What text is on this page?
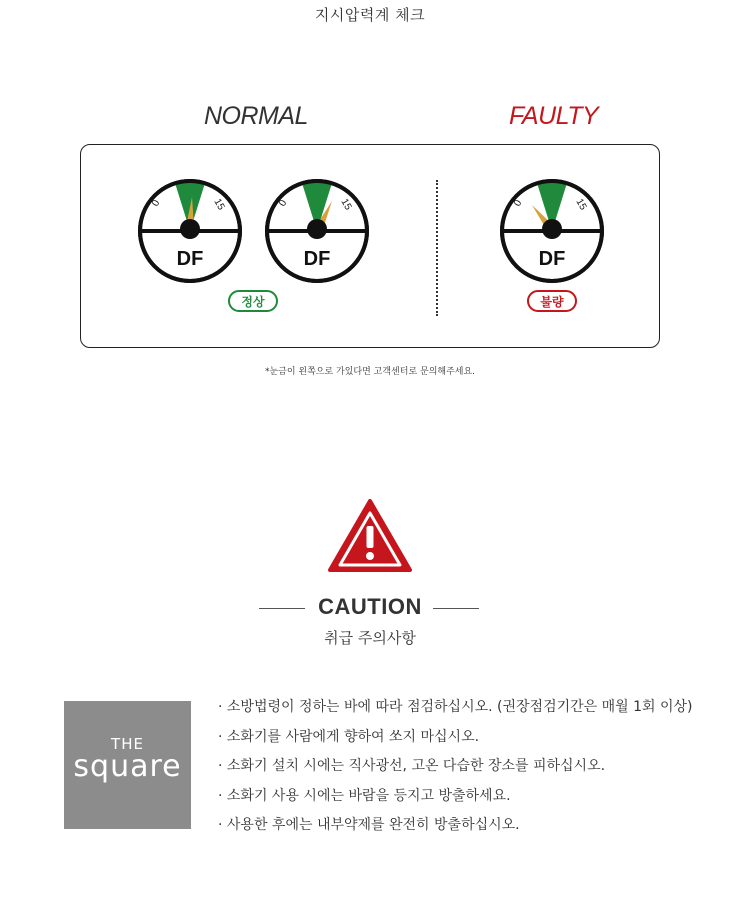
지시압력계 체크
NORMAL	FAULTY
0	15
DF
0	15
DF
0	15
DF
정상	불량
*눈금이 왼쪽으로 가있다면 고객센터로 문의해주세요.
CAUTION
취급 주의사항
THE
square
· 소방법령이 정하는 바에 따라 점검하십시오. (권장점검기간은 매월 1회 이상)
· 소화기를 사람에게 향하여 쏘지 마십시오.
· 소화기 설치 시에는 직사광선, 고온 다습한 장소를 피하십시오.
· 소화기 사용 시에는 바람을 등지고 방출하세요.
· 사용한 후에는 내부약제를 완전히 방출하십시오.
